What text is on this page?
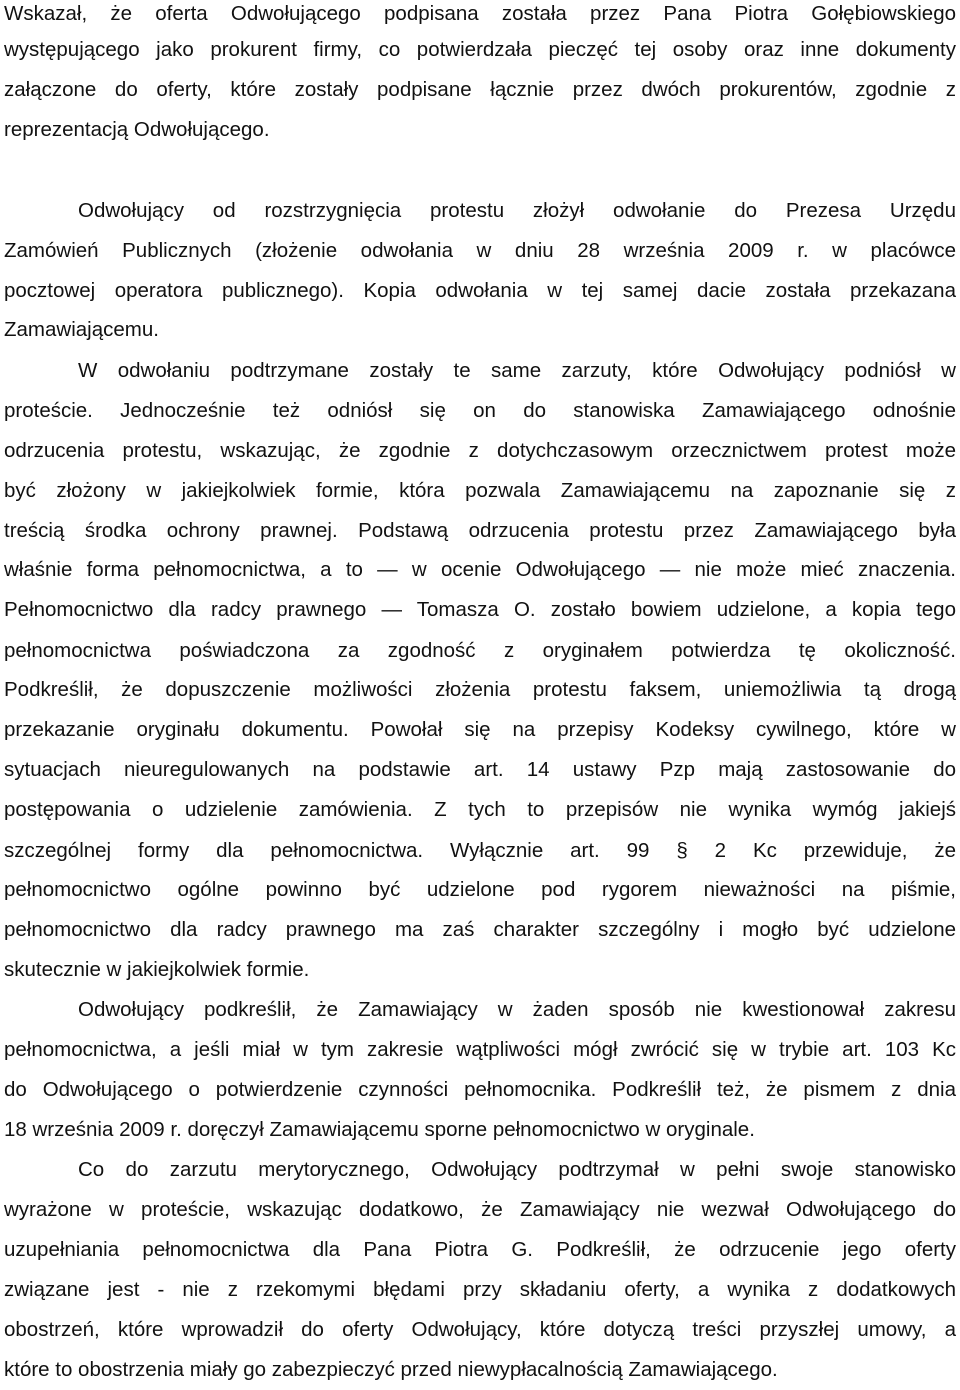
Wskazał, że oferta Odwołującego podpisana została przez Pana Piotra Gołębiowskiego
występującego jako prokurent firmy, co potwierdzała pieczęć tej osoby oraz inne dokumenty
załączone do oferty, które zostały podpisane łącznie przez dwóch prokurentów, zgodnie z
reprezentacją Odwołującego.
Odwołujący od rozstrzygnięcia protestu złożył odwołanie do Prezesa Urzędu
Zamówień Publicznych (złożenie odwołania w dniu 28 września 2009 r. w placówce
pocztowej operatora publicznego). Kopia odwołania w tej samej dacie została przekazana
Zamawiającemu.
W odwołaniu podtrzymane zostały te same zarzuty, które Odwołujący podniósł w
proteście. Jednocześnie też odniósł się on do stanowiska Zamawiającego odnośnie
odrzucenia protestu, wskazując, że zgodnie z dotychczasowym orzecznictwem protest może
być złożony w jakiejkolwiek formie, która pozwala Zamawiającemu na zapoznanie się z
treścią środka ochrony prawnej. Podstawą odrzucenia protestu przez Zamawiającego była
właśnie forma pełnomocnictwa, a to — w ocenie Odwołującego — nie może mieć znaczenia.
Pełnomocnictwo dla radcy prawnego — Tomasza O. zostało bowiem udzielone, a kopia tego
pełnomocnictwa poświadczona za zgodność z oryginałem potwierdza tę okoliczność.
Podkreślił, że dopuszczenie możliwości złożenia protestu faksem, uniemożliwia tą drogą
przekazanie oryginału dokumentu. Powołał się na przepisy Kodeksy cywilnego, które w
sytuacjach nieuregulowanych na podstawie art. 14 ustawy Pzp mają zastosowanie do
postępowania o udzielenie zamówienia. Z tych to przepisów nie wynika wymóg jakiejś
szczególnej formy dla pełnomocnictwa. Wyłącznie art. 99 § 2 Kc przewiduje, że
pełnomocnictwo ogólne powinno być udzielone pod rygorem nieważności na piśmie,
pełnomocnictwo dla radcy prawnego ma zaś charakter szczególny i mogło być udzielone
skutecznie w jakiejkolwiek formie.
Odwołujący podkreślił, że Zamawiający w żaden sposób nie kwestionował zakresu
pełnomocnictwa, a jeśli miał w tym zakresie wątpliwości mógł zwrócić się w trybie art. 103 Kc
do Odwołującego o potwierdzenie czynności pełnomocnika. Podkreślił też, że pismem z dnia
18 września 2009 r. doręczył Zamawiającemu sporne pełnomocnictwo w oryginale.
Co do zarzutu merytorycznego, Odwołujący podtrzymał w pełni swoje stanowisko
wyrażone w proteście, wskazując dodatkowo, że Zamawiający nie wezwał Odwołującego do
uzupełniania pełnomocnictwa dla Pana Piotra G. Podkreślił, że odrzucenie jego oferty
związane jest - nie z rzekomymi błędami przy składaniu oferty, a wynika z dodatkowych
obostrzeń, które wprowadził do oferty Odwołujący, które dotyczą treści przyszłej umowy, a
które to obostrzenia miały go zabezpieczyć przed niewypłacalnością Zamawiającego.
